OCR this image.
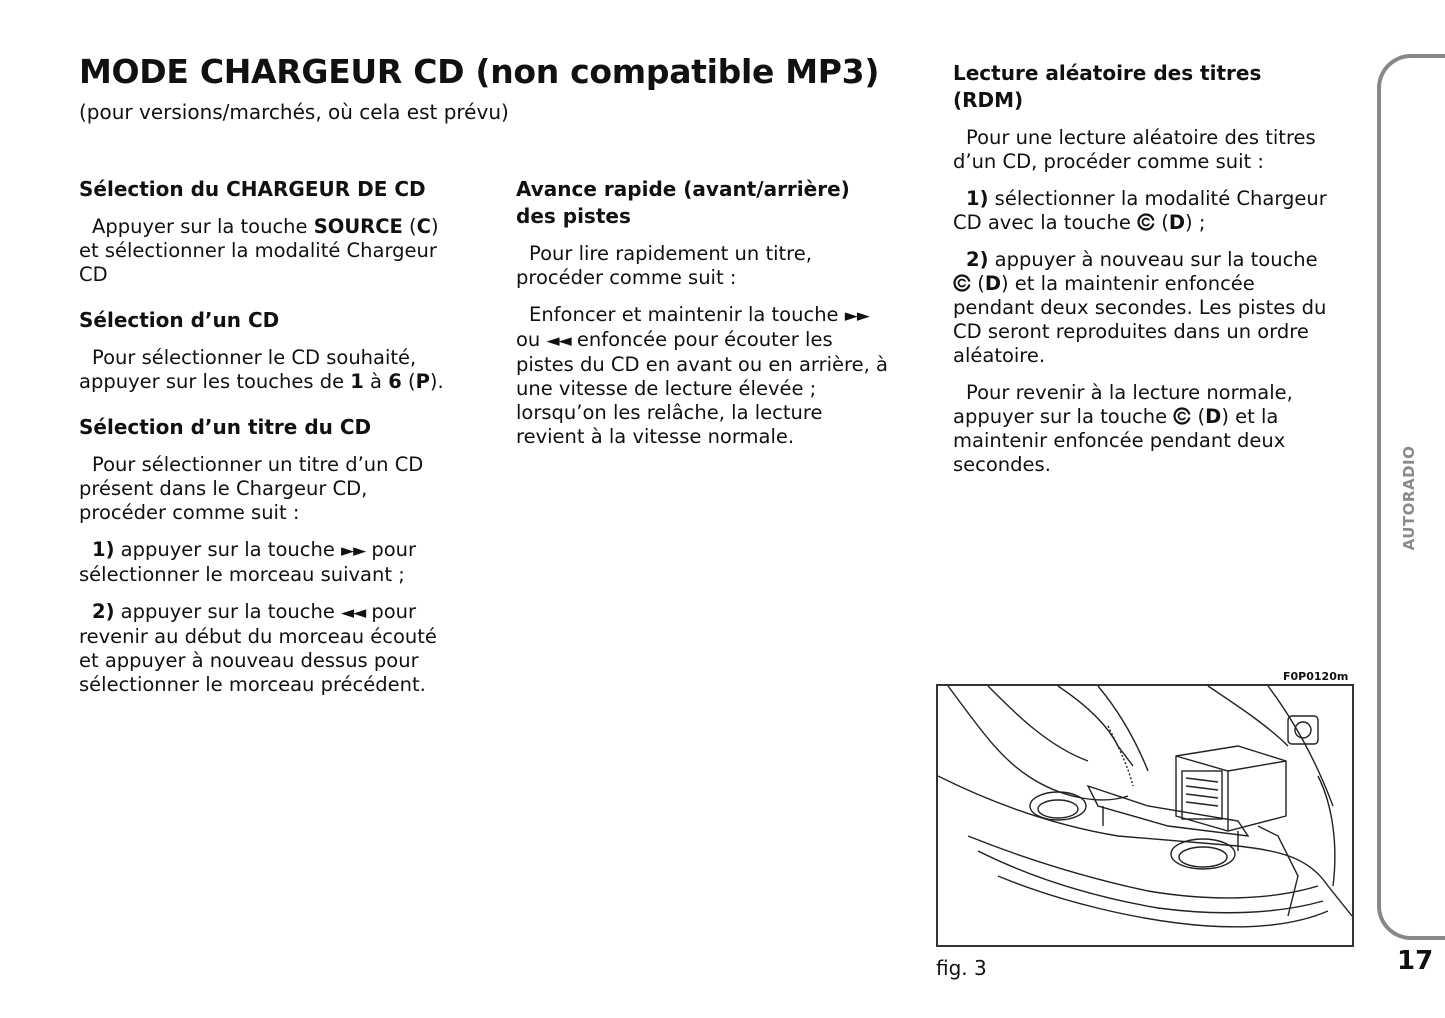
MODE CHARGEUR CD (non compatible MP3)

(pour versions/marchés, où cela est prévu)

Sélection du CHARGEUR DE CD

Appuyer sur la touche SOURCE (C) et sélectionner la modalité Chargeur CD

Sélection d’un CD

Pour sélectionner le CD souhaité, appuyer sur les touches de 1 à 6 (P).

Sélection d’un titre du CD

Pour sélectionner un titre d’un CD présent dans le Chargeur CD, procéder comme suit :

1) appuyer sur la touche ►► pour sélectionner le morceau suivant ;

2) appuyer sur la touche ◄◄ pour revenir au début du morceau écouté et appuyer à nouveau dessus pour sélectionner le morceau précédent.

Avance rapide (avant/arrière) des pistes

Pour lire rapidement un titre, procéder comme suit :

Enfoncer et maintenir la touche ►► ou ◄◄ enfoncée pour écouter les pistes du CD en avant ou en arrière, à une vitesse de lecture élevée ; lorsqu’on les relâche, la lecture revient à la vitesse normale.

Lecture aléatoire des titres (RDM)

Pour une lecture aléatoire des titres d’un CD, procéder comme suit :

1) sélectionner la modalité Chargeur CD avec la touche  (D) ;

2) appuyer à nouveau sur la touche  (D) et la maintenir enfoncée pendant deux secondes. Les pistes du CD seront reproduites dans un ordre aléatoire.

Pour revenir à la lecture normale, appuyer sur la touche  (D) et la maintenir enfoncée pendant deux secondes.

F0P0120m
fig. 3
AUTORADIO
17
